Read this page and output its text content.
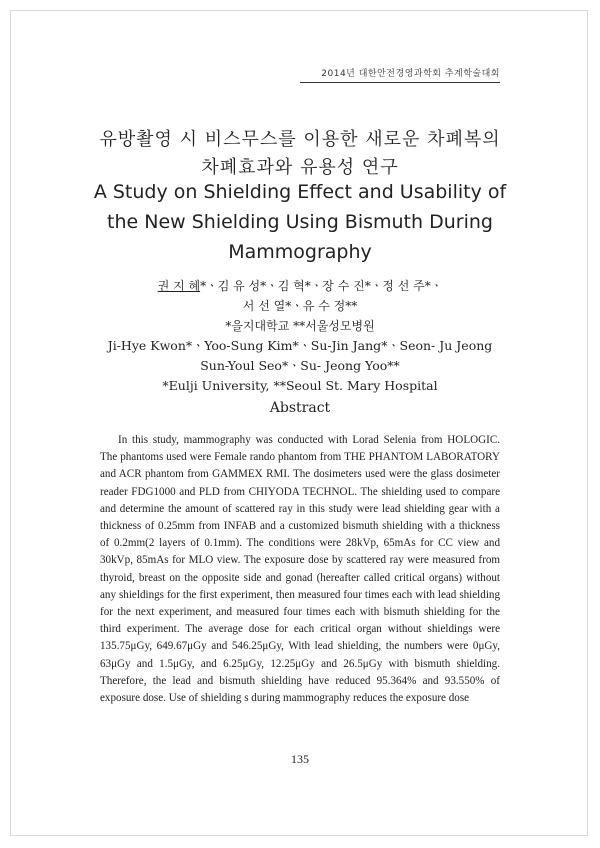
2014년 대한안전경영과학회 추계학술대회
유방촬영 시 비스무스를 이용한 새로운 차폐복의
차폐효과와 유용성 연구
A Study on Shielding Effect and Usability of
the New Shielding Using Bismuth During
Mammography
권 지 혜*ㆍ김 유 성*ㆍ김 혁*ㆍ장 수 진*ㆍ정 선 주*ㆍ
서 선 열*ㆍ유 수 정**
*을지대학교 **서울성모병원
Ji-Hye Kwon*ㆍYoo-Sung Kim*ㆍSu-Jin Jang*ㆍSeon- Ju Jeong
Sun-Youl Seo*ㆍSu- Jeong Yoo**
*Eulji University, **Seoul St. Mary Hospital
Abstract

In this study, mammography was conducted with Lorad Selenia from HOLOGIC. The phantoms used were Female rando phantom from THE PHANTOM LABORATORY and ACR phantom from GAMMEX RMI. The dosimeters used were the glass dosimeter reader FDG1000 and PLD from CHIYODA TECHNOL. The shielding used to compare and determine the amount of scattered ray in this study were lead shielding gear with a thickness of 0.25mm from INFAB and a customized bismuth shielding with a thickness of 0.2mm(2 layers of 0.1mm). The conditions were 28kVp, 65mAs for CC view and 30kVp, 85mAs for MLO view. The exposure dose by scattered ray were measured from thyroid, breast on the opposite side and gonad (hereafter called critical organs) without any shieldings for the first experiment, then measured four times each with lead shielding for the next experiment, and measured four times each with bismuth shielding for the third experiment. The average dose for each critical organ without shieldings were 135.75μGy, 649.67μGy and 546.25μGy, With lead shielding, the numbers were 0μGy, 63μGy and 1.5μGy, and 6.25μGy, 12.25μGy and 26.5μGy with bismuth shielding. Therefore, the lead and bismuth shielding have reduced 95.364% and 93.550% of exposure dose. Use of shielding s during mammography reduces the exposure dose

135
